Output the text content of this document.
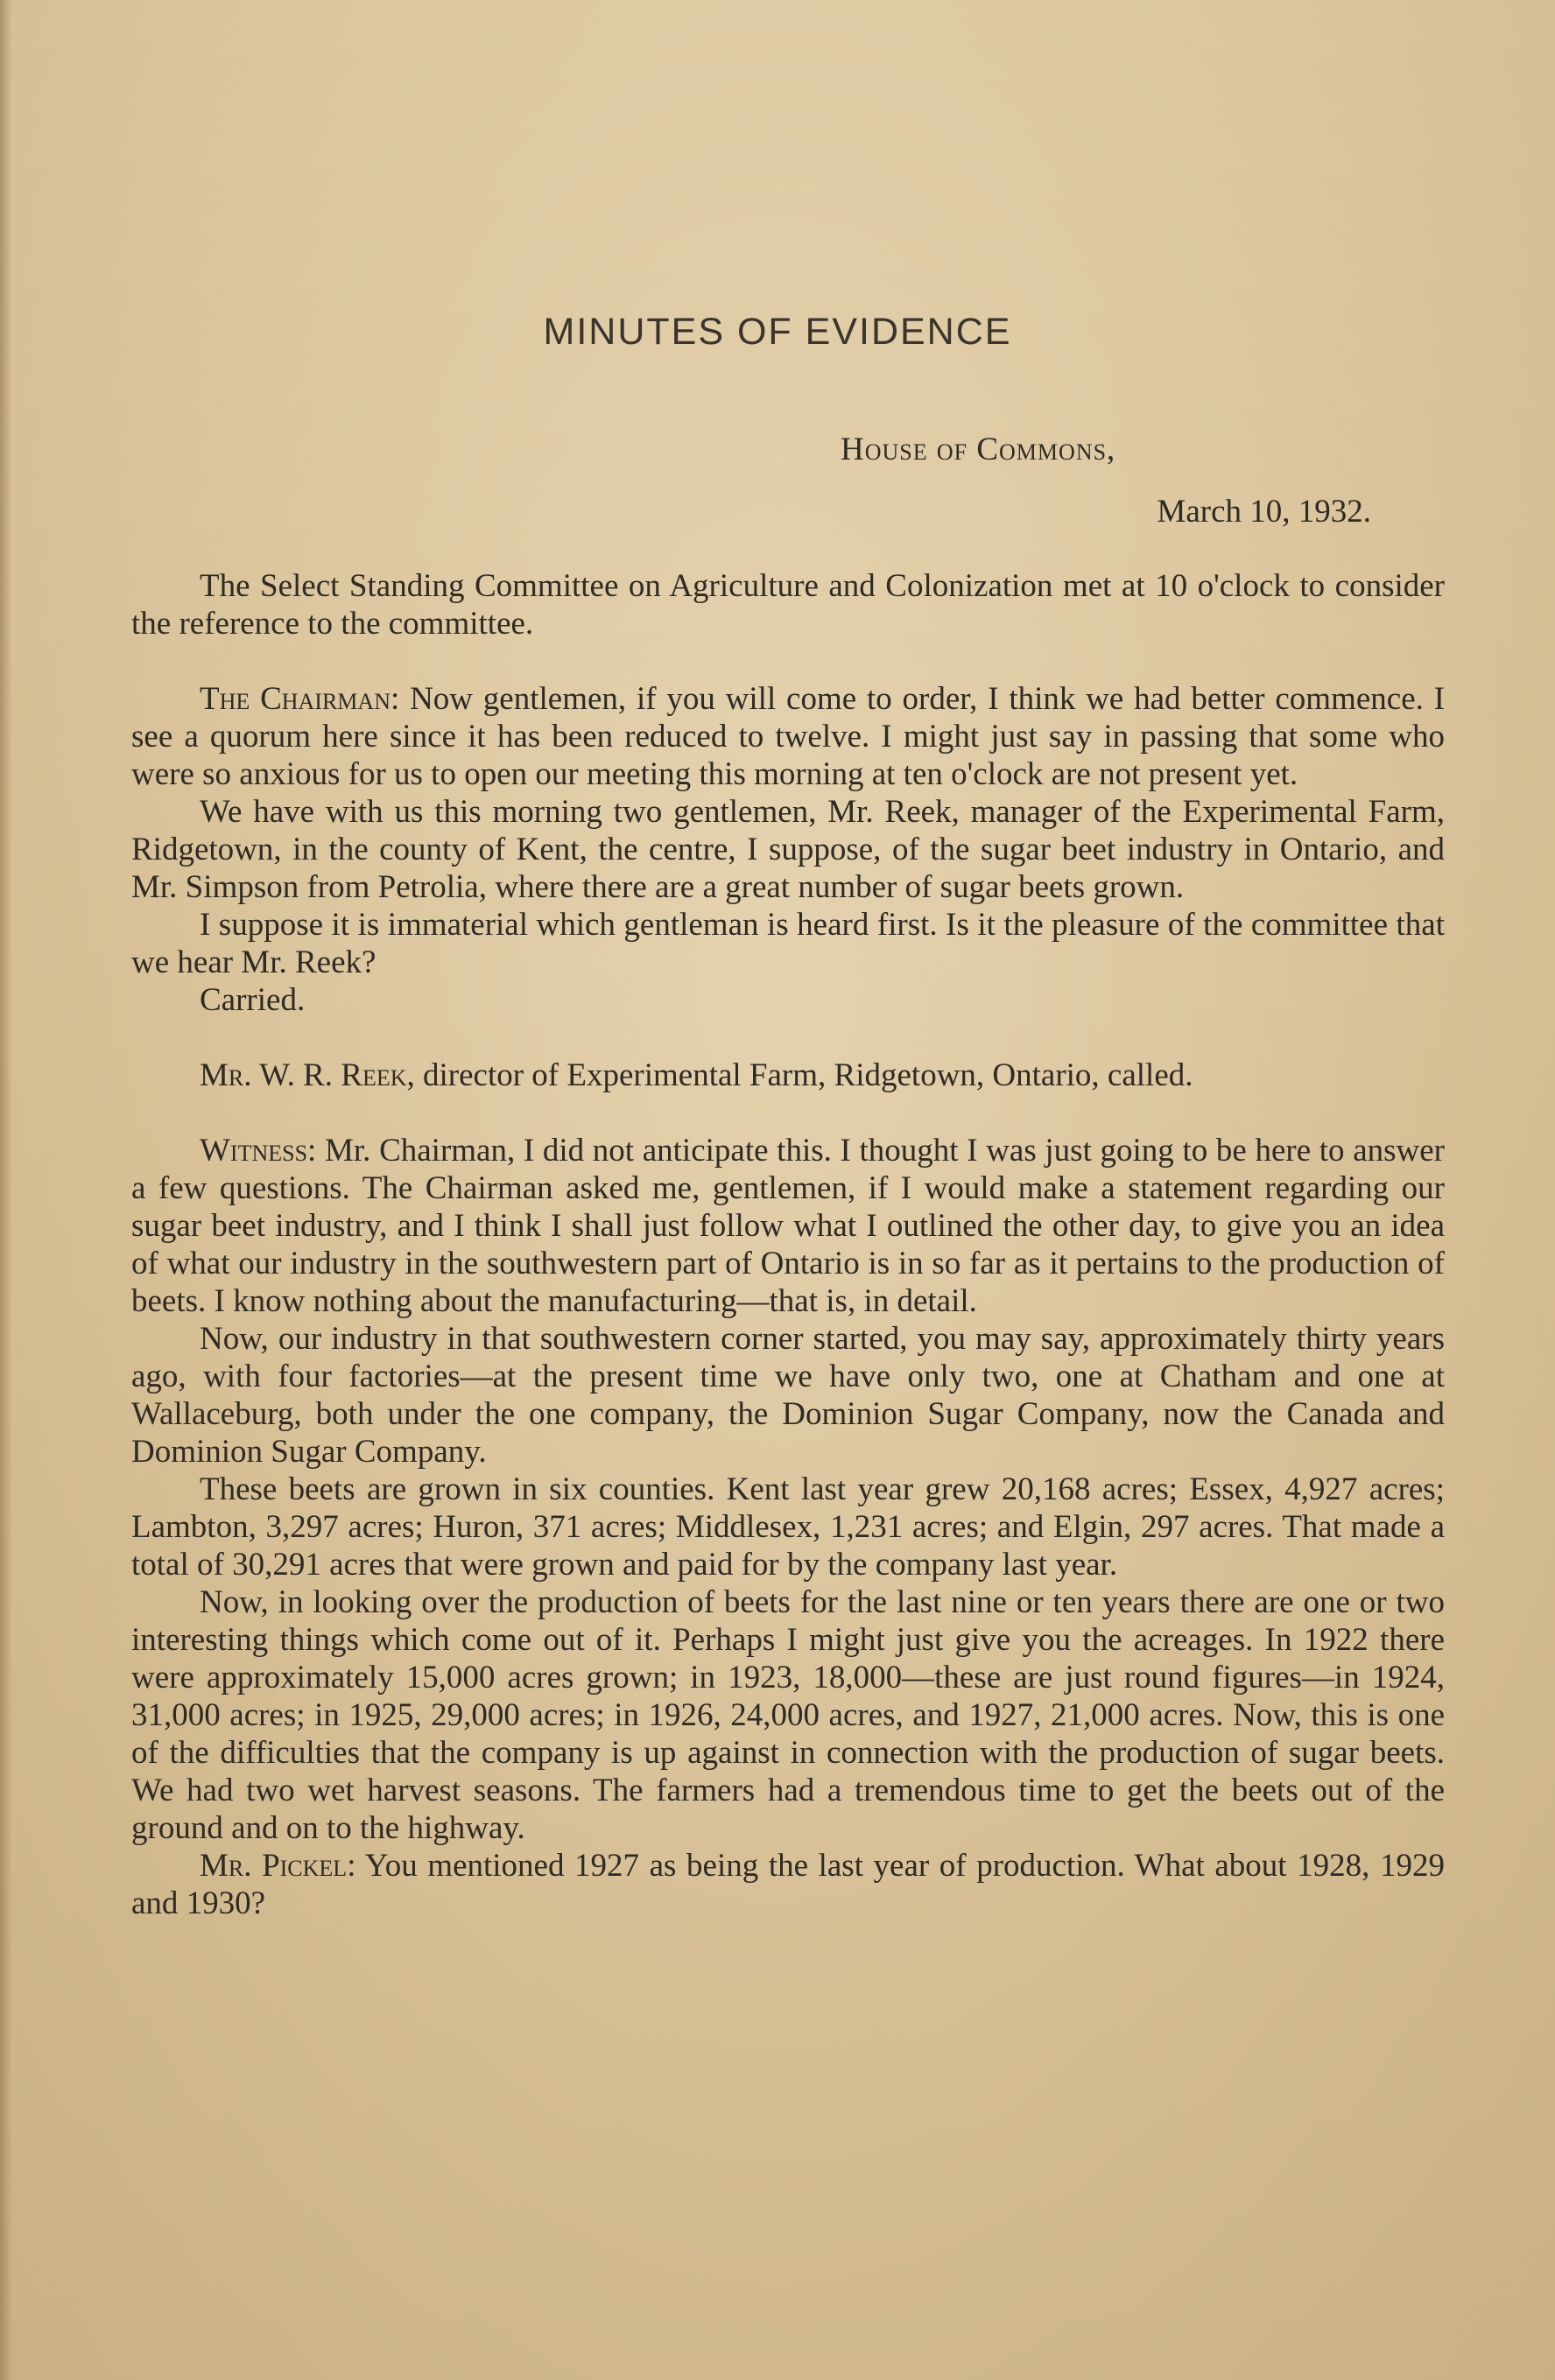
MINUTES OF EVIDENCE
House of Commons,
March 10, 1932.

The Select Standing Committee on Agriculture and Colonization met at 10 o'clock to consider the reference to the committee.

The Chairman: Now gentlemen, if you will come to order, I think we had better commence. I see a quorum here since it has been reduced to twelve. I might just say in passing that some who were so anxious for us to open our meeting this morning at ten o'clock are not present yet.

We have with us this morning two gentlemen, Mr. Reek, manager of the Experimental Farm, Ridgetown, in the county of Kent, the centre, I suppose, of the sugar beet industry in Ontario, and Mr. Simpson from Petrolia, where there are a great number of sugar beets grown.

I suppose it is immaterial which gentleman is heard first. Is it the pleasure of the committee that we hear Mr. Reek?

Carried.

Mr. W. R. Reek, director of Experimental Farm, Ridgetown, Ontario, called.

Witness: Mr. Chairman, I did not anticipate this. I thought I was just going to be here to answer a few questions. The Chairman asked me, gentlemen, if I would make a statement regarding our sugar beet industry, and I think I shall just follow what I outlined the other day, to give you an idea of what our industry in the southwestern part of Ontario is in so far as it pertains to the production of beets. I know nothing about the manufacturing—that is, in detail.

Now, our industry in that southwestern corner started, you may say, approximately thirty years ago, with four factories—at the present time we have only two, one at Chatham and one at Wallaceburg, both under the one company, the Dominion Sugar Company, now the Canada and Dominion Sugar Company.

These beets are grown in six counties. Kent last year grew 20,168 acres; Essex, 4,927 acres; Lambton, 3,297 acres; Huron, 371 acres; Middlesex, 1,231 acres; and Elgin, 297 acres. That made a total of 30,291 acres that were grown and paid for by the company last year.

Now, in looking over the production of beets for the last nine or ten years there are one or two interesting things which come out of it. Perhaps I might just give you the acreages. In 1922 there were approximately 15,000 acres grown; in 1923, 18,000—these are just round figures—in 1924, 31,000 acres; in 1925, 29,000 acres; in 1926, 24,000 acres, and 1927, 21,000 acres. Now, this is one of the difficulties that the company is up against in connection with the production of sugar beets. We had two wet harvest seasons. The farmers had a tremendous time to get the beets out of the ground and on to the highway.

Mr. Pickel: You mentioned 1927 as being the last year of production. What about 1928, 1929 and 1930?
